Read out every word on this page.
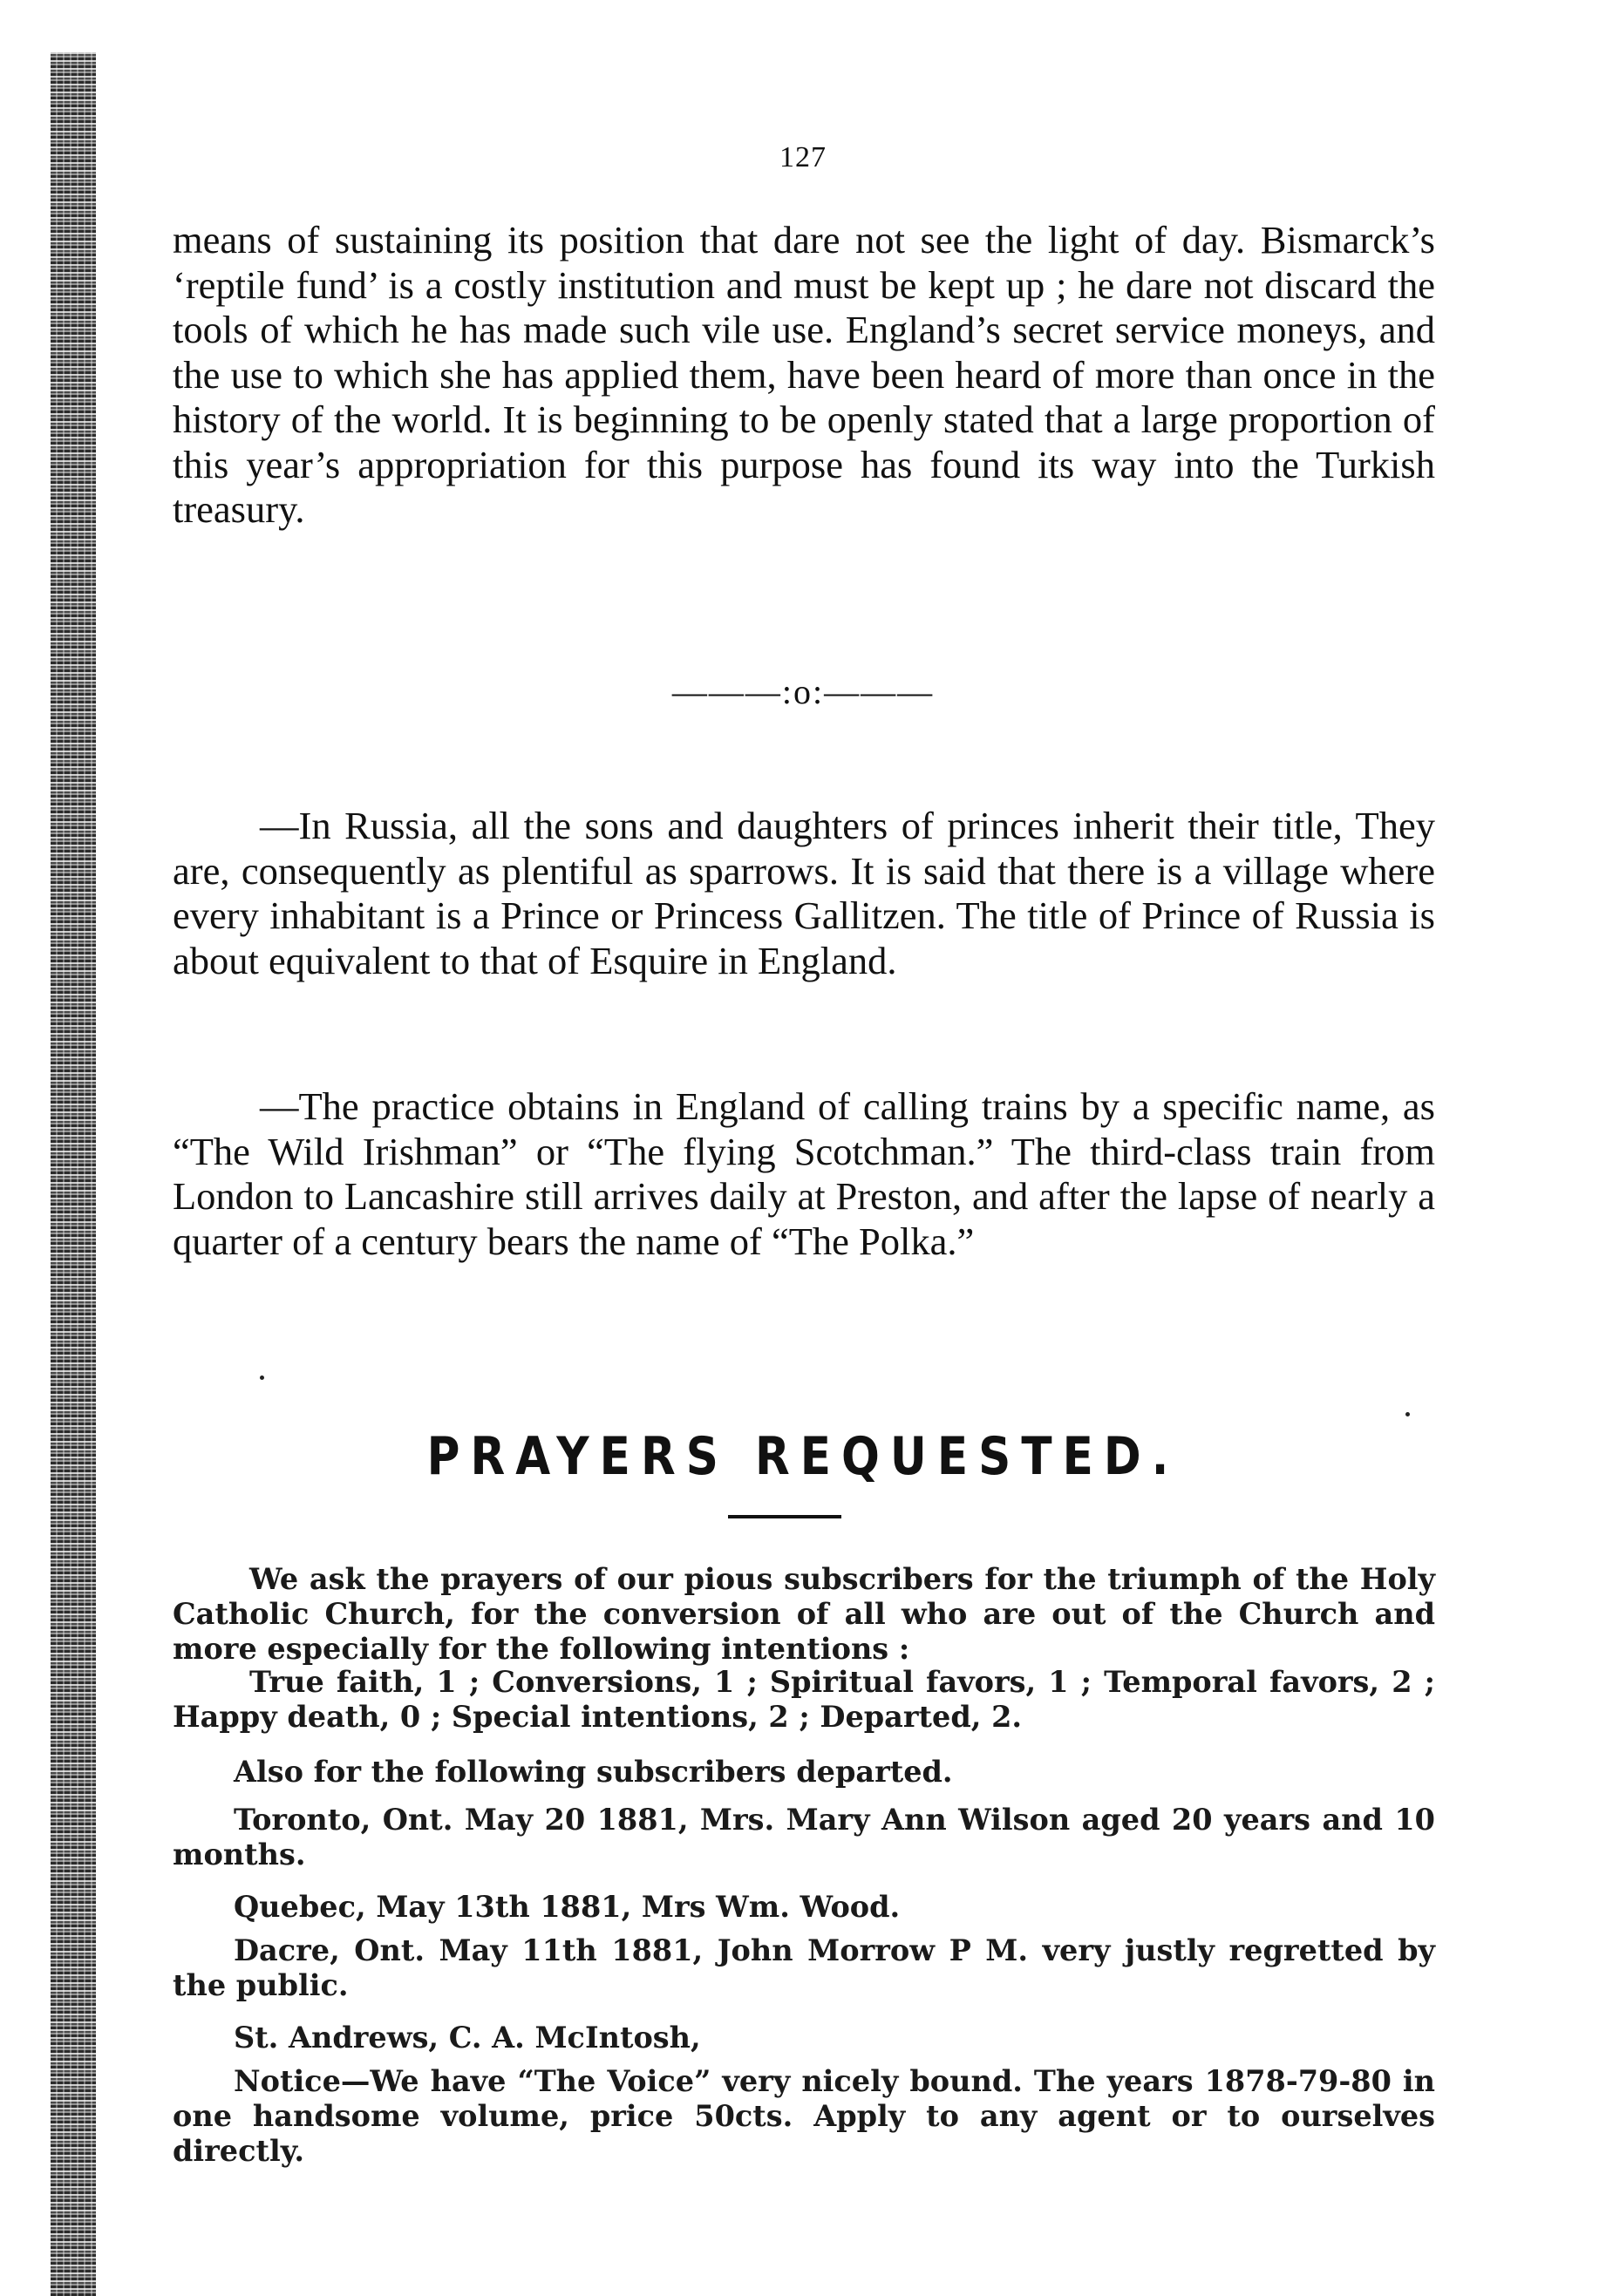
127

means of sustaining its position that dare not see the light of day. Bismarck’s ‘reptile fund’ is a costly institution and must be kept up ; he dare not discard the tools of which he has made such vile use. England’s secret service moneys, and the use to which she has applied them, have been heard of more than once in the history of the world. It is beginning to be openly stated that a large proportion of this year’s appropriation for this purpose has found its way into the Turkish treasury.

———:o:———

—In Russia, all the sons and daughters of princes inherit their title, They are, consequently as plentiful as sparrows. It is said that there is a village where every inhabitant is a Prince or Princess Gallitzen. The title of Prince of Russia is about equivalent to that of Esquire in England.

—The practice obtains in England of calling trains by a specific name, as “The Wild Irishman” or “The flying Scotchman.” The third-class train from London to Lancashire still arrives daily at Preston, and after the lapse of nearly a quarter of a century bears the name of “The Polka.”

PRAYERS REQUESTED.

We ask the prayers of our pious subscribers for the triumph of the Holy Catholic Church, for the conversion of all who are out of the Church and more especially for the following intentions :

True faith, 1 ; Conversions, 1 ; Spiritual favors, 1 ; Temporal favors, 2 ; Happy death, 0 ; Special intentions, 2 ; Departed, 2.

Also for the following subscribers departed.

Toronto, Ont. May 20 1881, Mrs. Mary Ann Wilson aged 20 years and 10 months.

Quebec, May 13th 1881, Mrs Wm. Wood.

Dacre, Ont. May 11th 1881, John Morrow P M. very justly regretted by the public.

St. Andrews, C. A. McIntosh,

Notice—We have “The Voice” very nicely bound. The years 1878-79-80 in one handsome volume, price 50cts. Apply to any agent or to ourselves directly.
